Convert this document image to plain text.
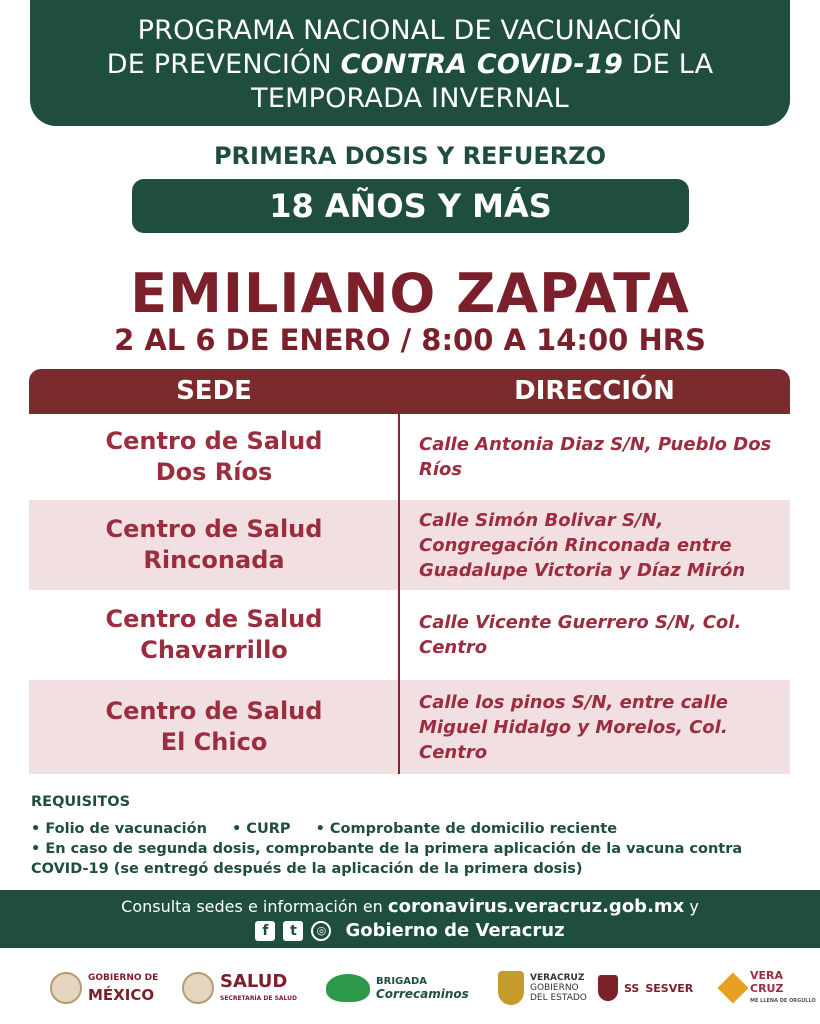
PROGRAMA NACIONAL DE VACUNACIÓN
DE PREVENCIÓN CONTRA COVID-19 DE LA
TEMPORADA INVERNAL
PRIMERA DOSIS Y REFUERZO
18 AÑOS Y MÁS
EMILIANO ZAPATA
2 AL 6 DE ENERO / 8:00 A 14:00 HRS
SEDE	DIRECCIÓN
Centro de Salud
Dos Ríos
Calle Antonia Diaz S/N, Pueblo Dos Ríos
Centro de Salud
Rinconada
Calle Simón Bolivar S/N, Congregación Rinconada entre Guadalupe Victoria y Díaz Mirón
Centro de Salud
Chavarrillo
Calle Vicente Guerrero S/N, Col. Centro
Centro de Salud
El Chico
Calle los pinos S/N, entre calle Miguel Hidalgo y Morelos, Col. Centro
REQUISITOS
• Folio de vacunación • CURP • Comprobante de domicilio reciente
• En caso de segunda dosis, comprobante de la primera aplicación de la vacuna contra
COVID-19 (se entregó después de la aplicación de la primera dosis)
Consulta sedes e información en coronavirus.veracruz.gob.mx y
f	t	◎ Gobierno de Veracruz
GOBIERNO DE
MÉXICO
SALUD
SECRETARÍA DE SALUD
BRIGADA
Correcaminos
VERACRUZ
GOBIERNO
DEL ESTADO
SS SESVER
VERA
CRUZ
ME LLENA DE ORGULLO
